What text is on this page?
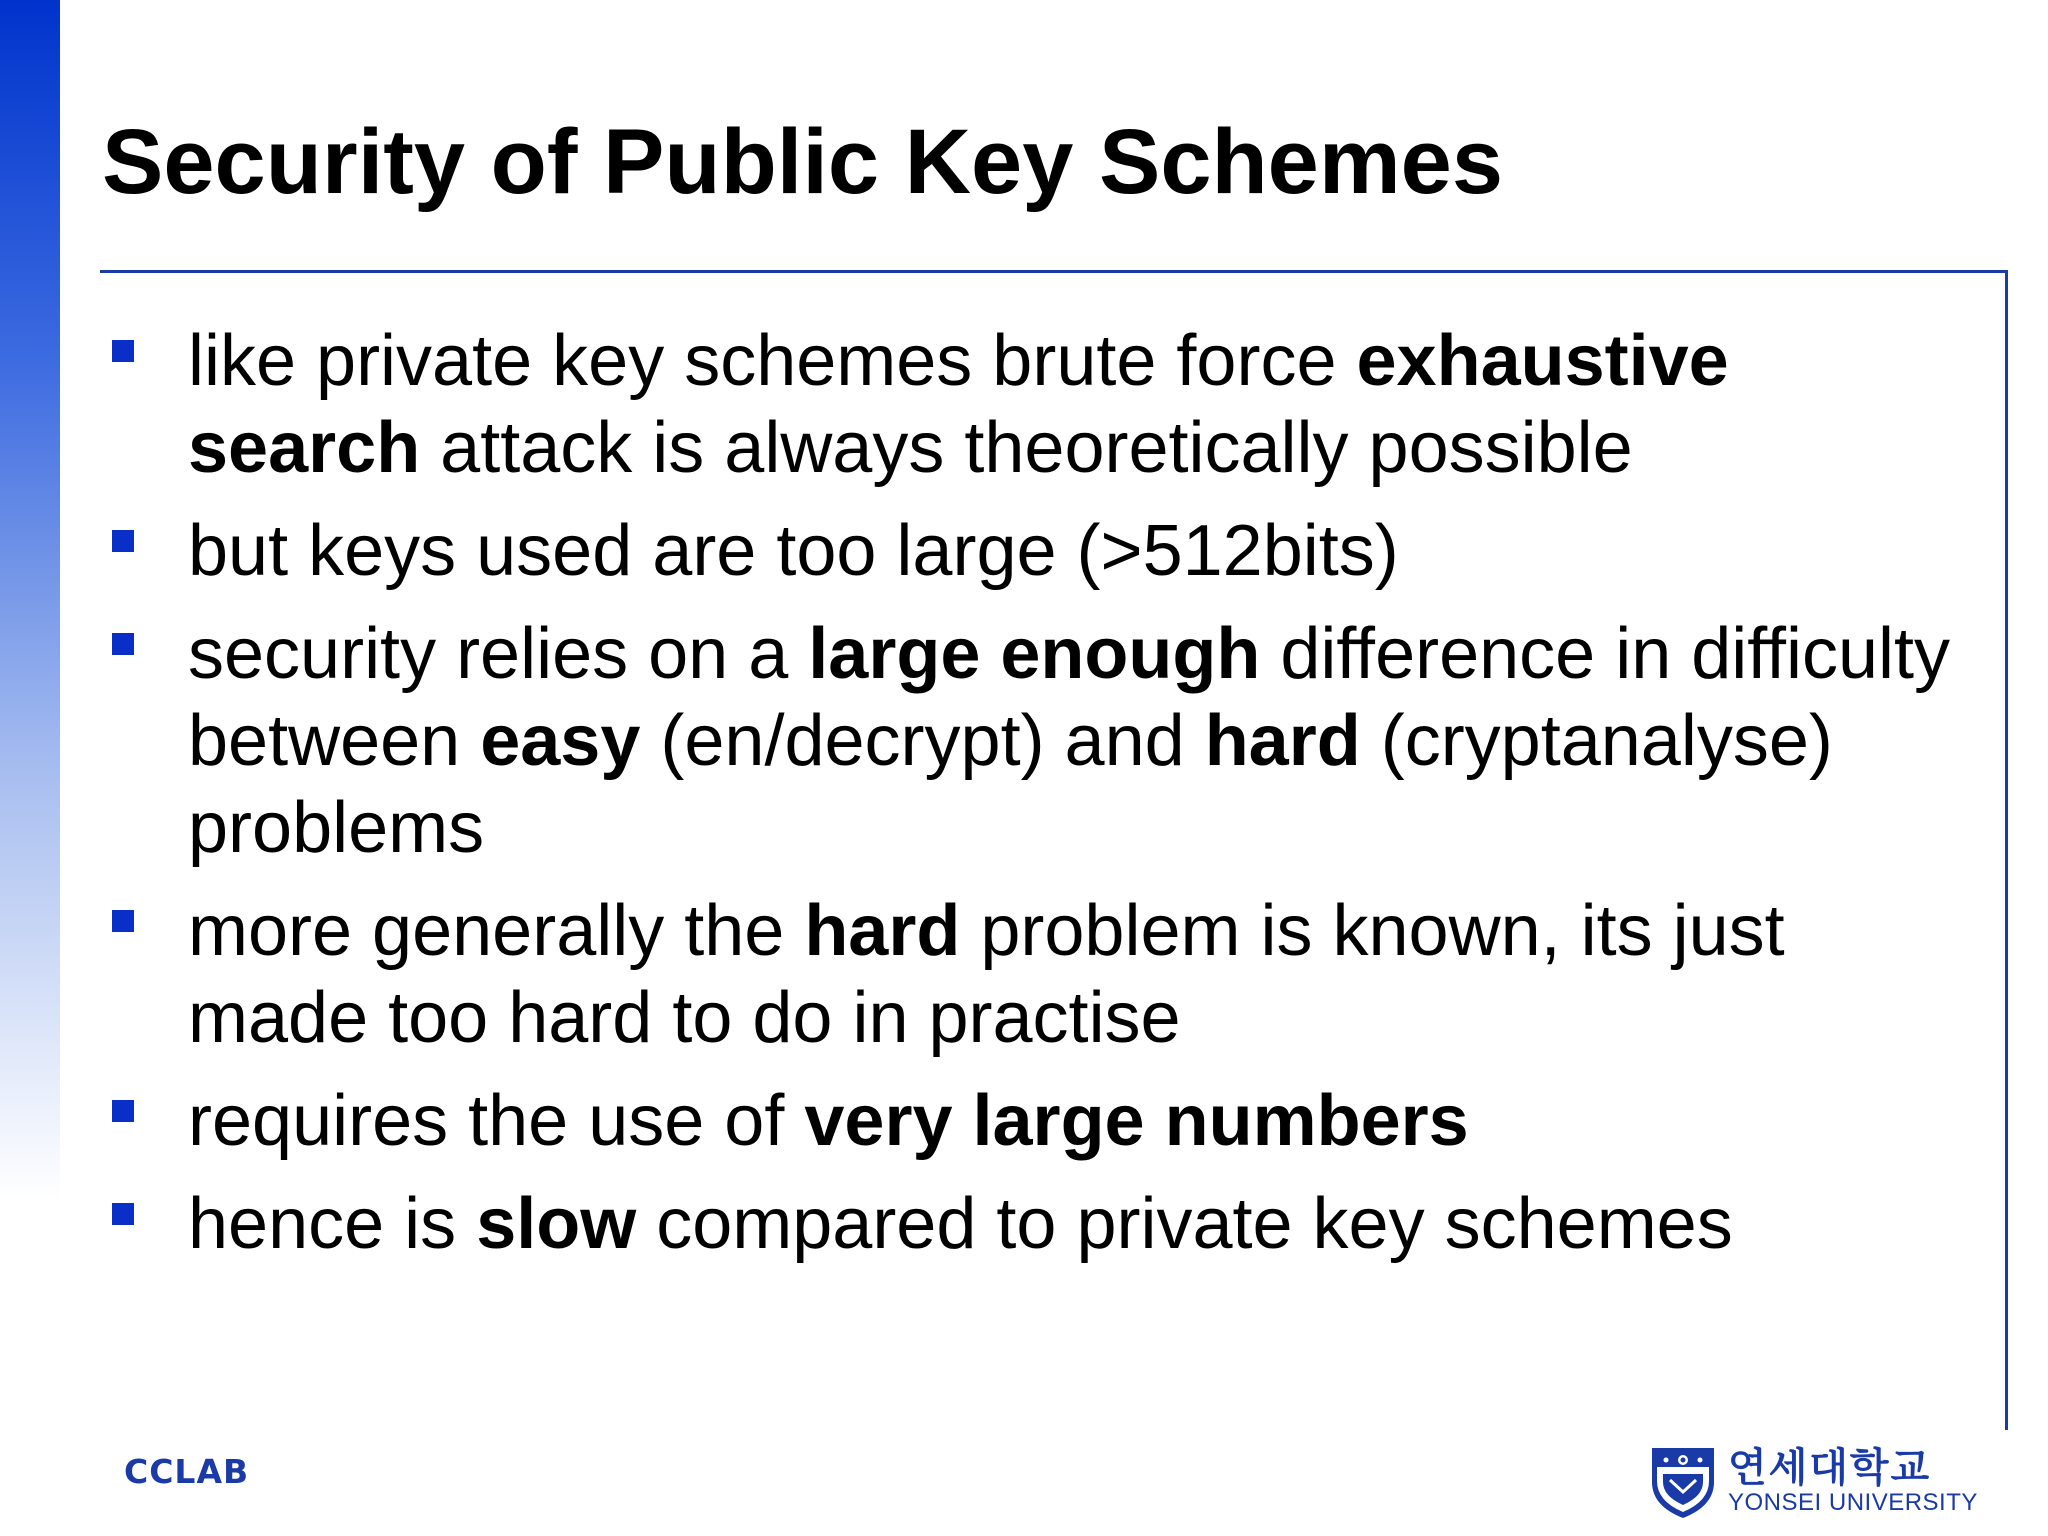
Security of Public Key Schemes
like private key schemes brute force exhaustive search attack is always theoretically possible
but keys used are too large (>512bits)
security relies on a large enough difference in difficulty between easy (en/decrypt) and hard (cryptanalyse) problems
more generally the hard problem is known, its just made too hard to do in practise
requires the use of very large numbers
hence is slow compared to private key schemes
CCLAB	연세대학교
YONSEI UNIVERSITY
